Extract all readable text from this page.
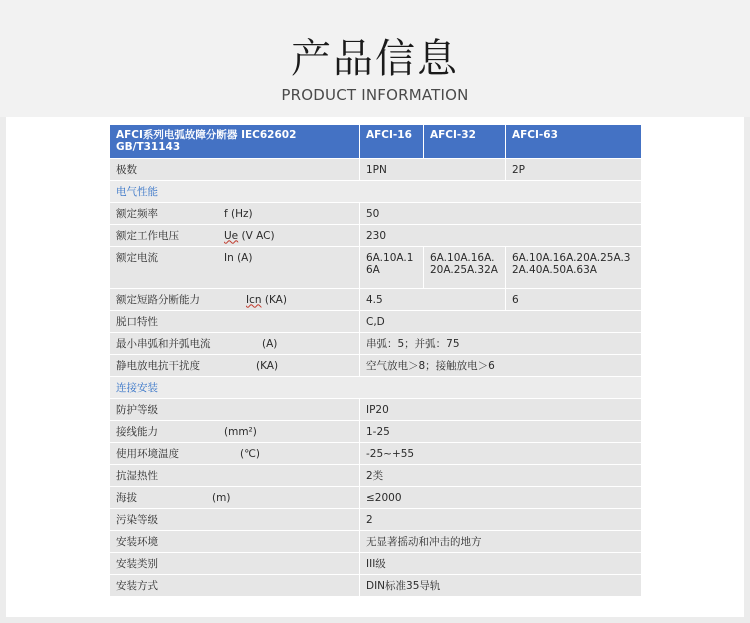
产品信息
PRODUCT INFORMATION
AFCI系列电弧故障分断器 IEC62602 GB/T31143	AFCI-16	AFCI-32	AFCI-63
极数	1PN		2P
电气性能			
额定频率 f (Hz)	50		
额定工作电压 Ue (V AC)	230		
额定电流 In (A)	6A.10A.16A	6A.10A.16A.20A.25A.32A	6A.10A.16A.20A.25A.32A.40A.50A.63A
额定短路分断能力 Icn (KA)	4.5		6
脱口特性	C,D		
最小串弧和并弧电流 (A)	串弧：5；并弧：75		
静电放电抗干扰度 (KA)	空气放电＞8；接触放电＞6		
连接安装			
防护等级	IP20		
接线能力 (mm²)	1-25		
使用环境温度 (℃)	-25~+55		
抗湿热性	2类		
海拔 (m)	≤2000		
污染等级	2		
安装环境	无显著摇动和冲击的地方		
安装类别	III级		
安装方式	DIN标准35导轨		
